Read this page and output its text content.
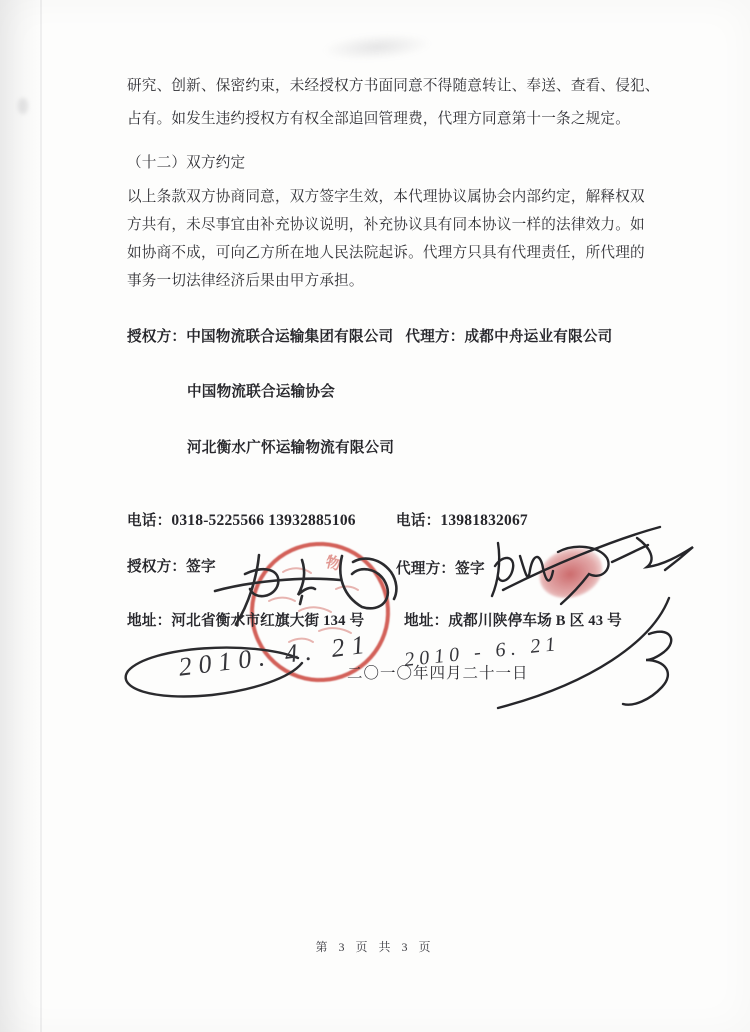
研究、创新、保密约束，未经授权方书面同意不得随意转让、奉送、查看、侵犯、
占有。如发生违约授权方有权全部追回管理费，代理方同意第十一条之规定。
（十二）双方约定
以上条款双方协商同意，双方签字生效，本代理协议属协会内部约定，解释权双
方共有，未尽事宜由补充协议说明，补充协议具有同本协议一样的法律效力。如
如协商不成，可向乙方所在地人民法院起诉。代理方只具有代理责任，所代理的
事务一切法律经济后果由甲方承担。
授权方：中国物流联合运输集团有限公司 代理方：成都中舟运业有限公司
中国物流联合运输协会
河北衡水广怀运输物流有限公司
电话：0318-5225566 13932885106	电话：13981832067
物
授权方：签字	代理方：签字
地址：河北省衡水市红旗大街 134 号	地址：成都川陕停车场 B 区 43 号
2010. 4. 21 2010 - 6. 21
二〇一〇年四月二十一日
第 3 页 共 3 页
